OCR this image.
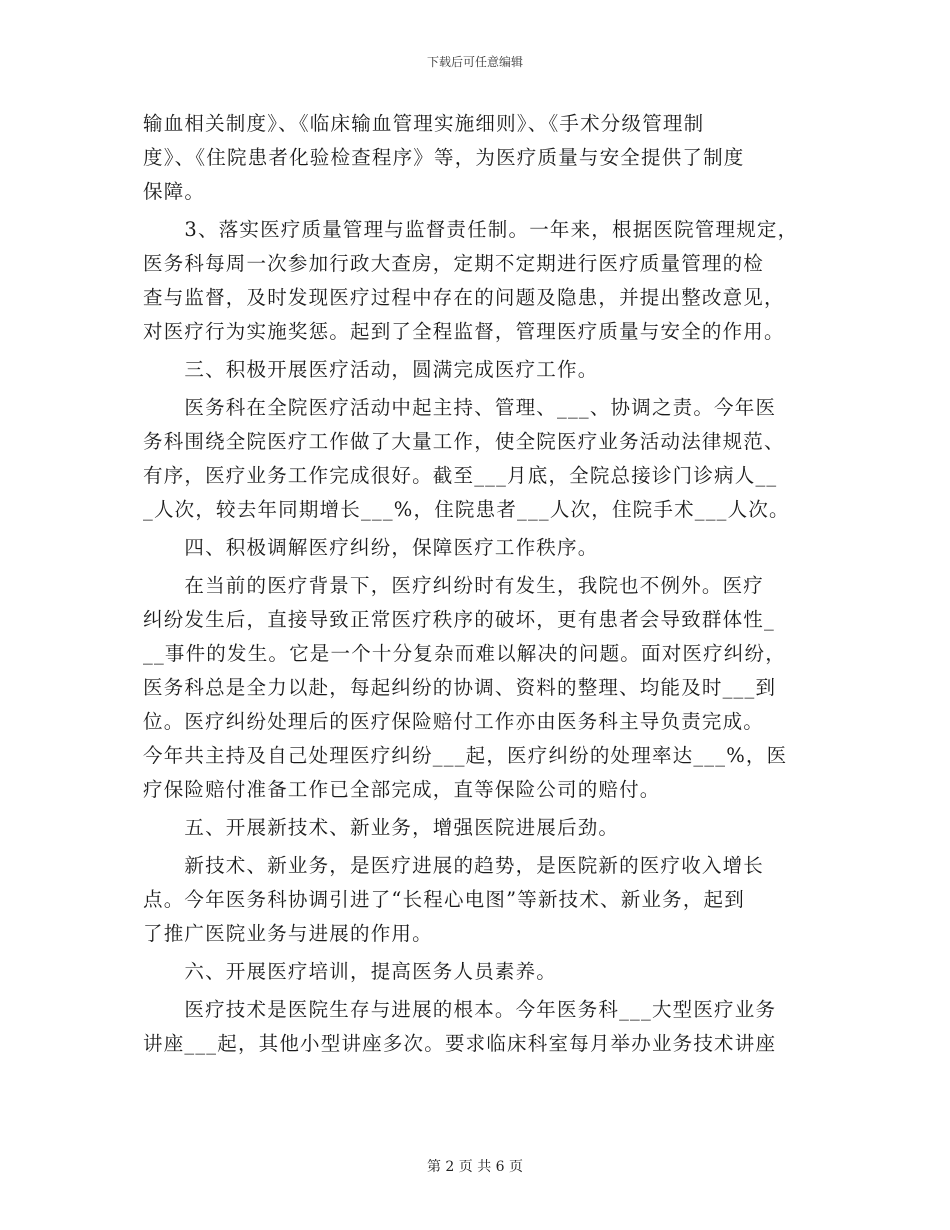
下载后可任意编辑
输血相关制度》、《临床输血管理实施细则》、《手术分级管理制
度》、《住院患者化验检查程序》等，为医疗质量与安全提供了制度
保障。
　　3、落实医疗质量管理与监督责任制。一年来，根据医院管理规定，
医务科每周一次参加行政大查房，定期不定期进行医疗质量管理的检
查与监督，及时发现医疗过程中存在的问题及隐患，并提出整改意见，
对医疗行为实施奖惩。起到了全程监督，管理医疗质量与安全的作用。
　　三、积极开展医疗活动，圆满完成医疗工作。
　　医务科在全院医疗活动中起主持、管理、___、协调之责。今年医
务科围绕全院医疗工作做了大量工作，使全院医疗业务活动法律规范、
有序，医疗业务工作完成很好。截至___月底，全院总接诊门诊病人__
_人次，较去年同期增长___%，住院患者___人次，住院手术___人次。
　　四、积极调解医疗纠纷，保障医疗工作秩序。
　　在当前的医疗背景下，医疗纠纷时有发生，我院也不例外。医疗
纠纷发生后，直接导致正常医疗秩序的破坏，更有患者会导致群体性_
__事件的发生。它是一个十分复杂而难以解决的问题。面对医疗纠纷，
医务科总是全力以赴，每起纠纷的协调、资料的整理、均能及时___到
位。医疗纠纷处理后的医疗保险赔付工作亦由医务科主导负责完成。
今年共主持及自己处理医疗纠纷___起，医疗纠纷的处理率达___%，医
疗保险赔付准备工作已全部完成，直等保险公司的赔付。
　　五、开展新技术、新业务，增强医院进展后劲。
　　新技术、新业务，是医疗进展的趋势，是医院新的医疗收入增长
点。今年医务科协调引进了“长程心电图”等新技术、新业务，起到
了推广医院业务与进展的作用。
　　六、开展医疗培训，提高医务人员素养。
　　医疗技术是医院生存与进展的根本。今年医务科___大型医疗业务
讲座___起，其他小型讲座多次。要求临床科室每月举办业务技术讲座
第 2 页 共 6 页
